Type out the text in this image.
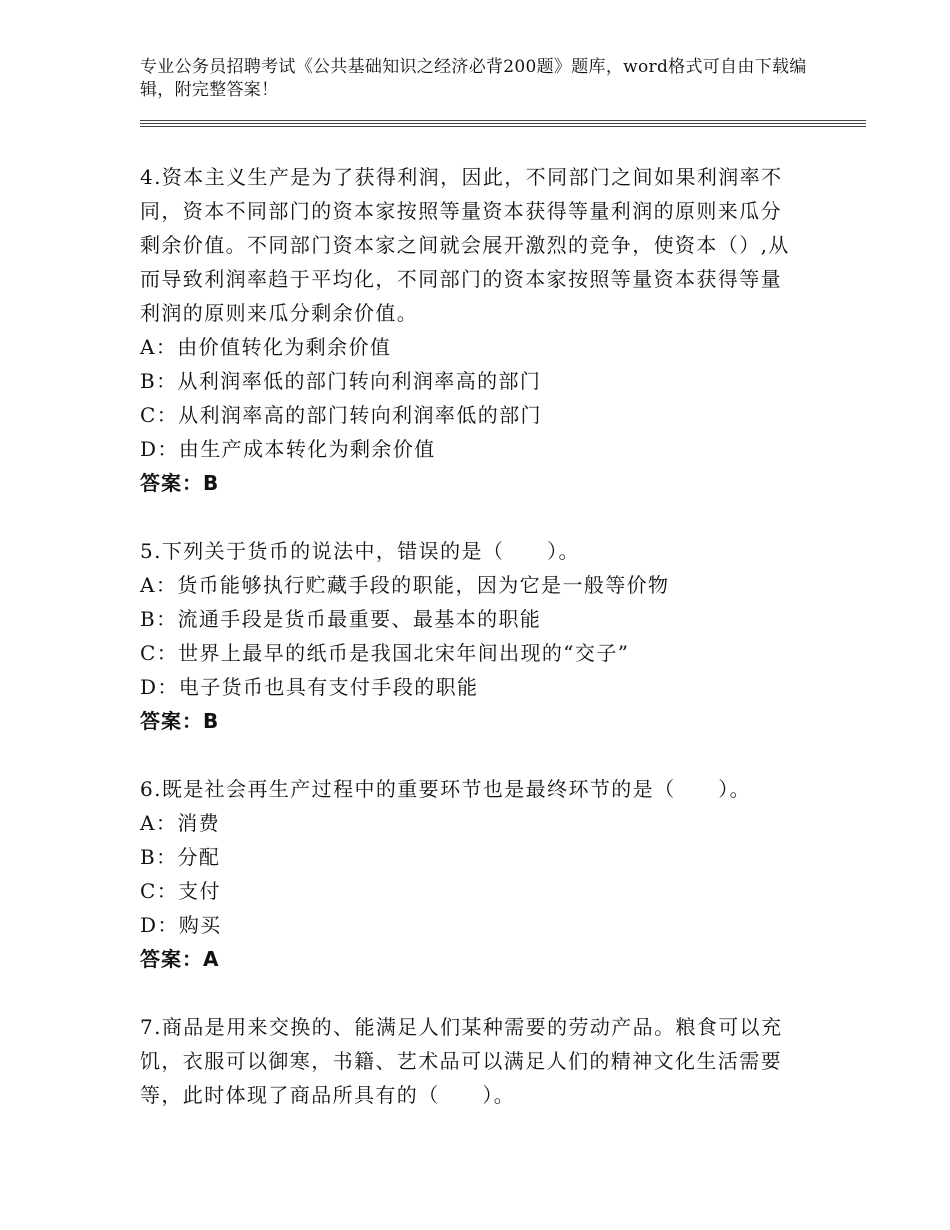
专业公务员招聘考试《公共基础知识之经济必背200题》题库，word格式可自由下载编辑，附完整答案！
4.资本主义生产是为了获得利润，因此，不同部门之间如果利润率不同，资本不同部门的资本家按照等量资本获得等量利润的原则来瓜分剩余价值。不同部门资本家之间就会展开激烈的竞争，使资本（）,从而导致利润率趋于平均化，不同部门的资本家按照等量资本获得等量利润的原则来瓜分剩余价值。
A：由价值转化为剩余价值
B：从利润率低的部门转向利润率高的部门
C：从利润率高的部门转向利润率低的部门
D：由生产成本转化为剩余价值
答案：B
5.下列关于货币的说法中，错误的是（　　）。
A：货币能够执行贮藏手段的职能，因为它是一般等价物
B：流通手段是货币最重要、最基本的职能
C：世界上最早的纸币是我国北宋年间出现的“交子”
D：电子货币也具有支付手段的职能
答案：B
6.既是社会再生产过程中的重要环节也是最终环节的是（　　）。
A：消费
B：分配
C：支付
D：购买
答案：A
7.商品是用来交换的、能满足人们某种需要的劳动产品。粮食可以充饥，衣服可以御寒，书籍、艺术品可以满足人们的精神文化生活需要等，此时体现了商品所具有的（　　）。
